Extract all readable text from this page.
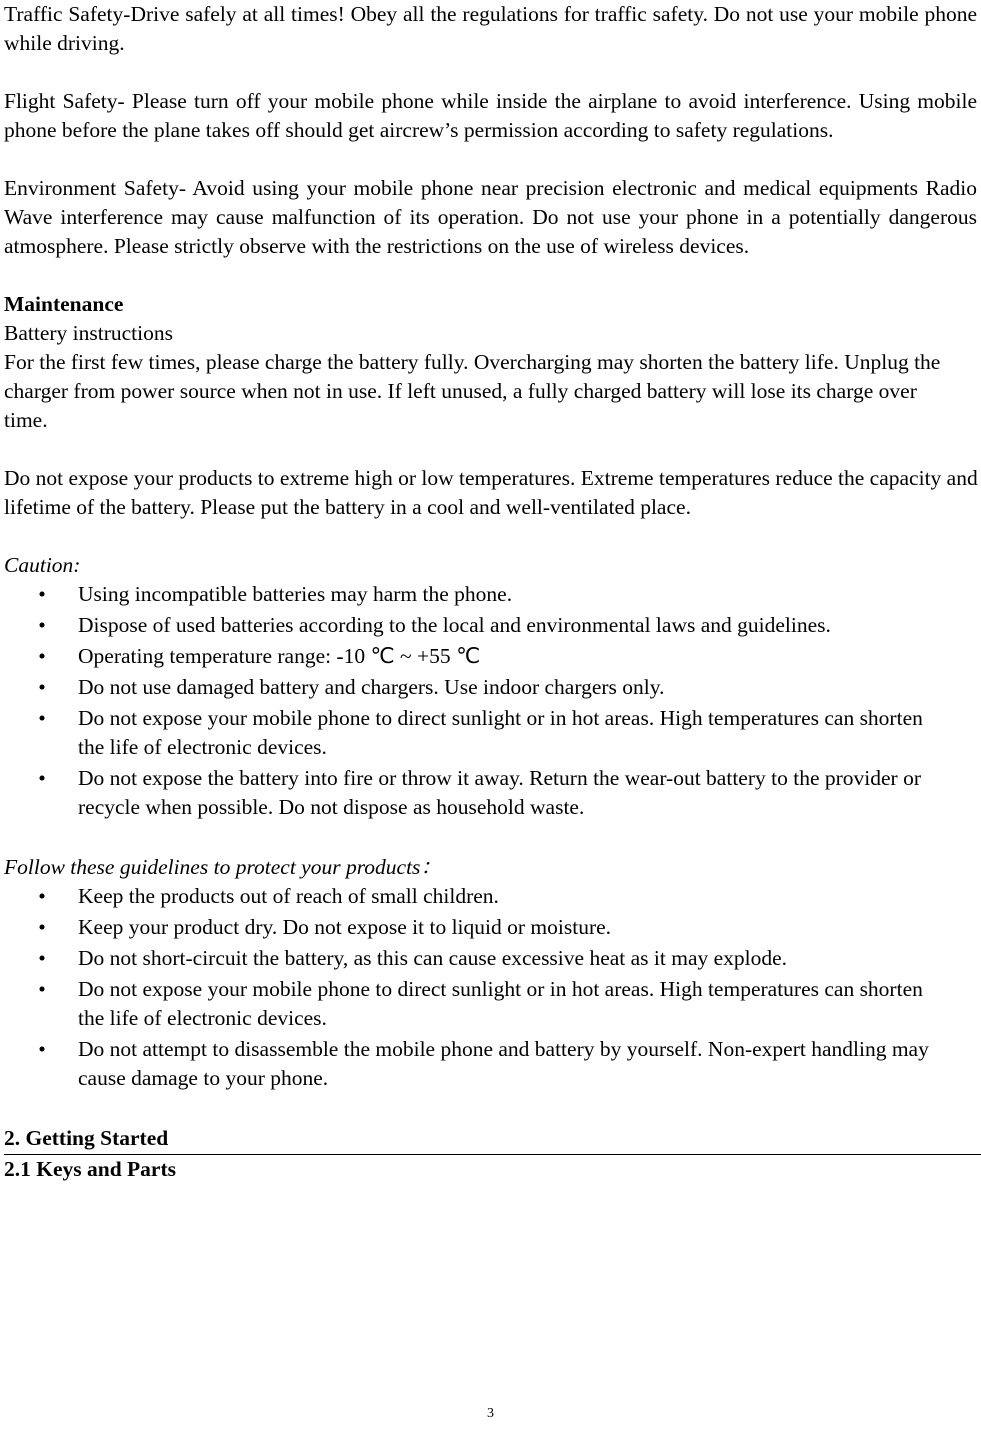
Traffic Safety-Drive safely at all times! Obey all the regulations for traffic safety. Do not use your mobile phone while driving.

Flight Safety- Please turn off your mobile phone while inside the airplane to avoid interference. Using mobile phone before the plane takes off should get aircrew’s permission according to safety regulations.

Environment Safety- Avoid using your mobile phone near precision electronic and medical equipments Radio Wave interference may cause malfunction of its operation. Do not use your phone in a potentially dangerous atmosphere. Please strictly observe with the restrictions on the use of wireless devices.

Maintenance

Battery instructions

For the first few times, please charge the battery fully. Overcharging may shorten the battery life. Unplug the charger from power source when not in use. If left unused, a fully charged battery will lose its charge over time.

Do not expose your products to extreme high or low temperatures. Extreme temperatures reduce the capacity and lifetime of the battery. Please put the battery in a cool and well-ventilated place.

Caution:

• Using incompatible batteries may harm the phone.
• Dispose of used batteries according to the local and environmental laws and guidelines.
• Operating temperature range: -10 ℃ ~ +55 ℃
• Do not use damaged battery and chargers. Use indoor chargers only.
• Do not expose your mobile phone to direct sunlight or in hot areas. High temperatures can shorten the life of electronic devices.
• Do not expose the battery into fire or throw it away. Return the wear-out battery to the provider or recycle when possible. Do not dispose as household waste.

Follow these guidelines to protect your products：

• Keep the products out of reach of small children.
• Keep your product dry. Do not expose it to liquid or moisture.
• Do not short-circuit the battery, as this can cause excessive heat as it may explode.
• Do not expose your mobile phone to direct sunlight or in hot areas. High temperatures can shorten the life of electronic devices.
• Do not attempt to disassemble the mobile phone and battery by yourself. Non-expert handling may cause damage to your phone.

2. Getting Started

2.1 Keys and Parts

3
